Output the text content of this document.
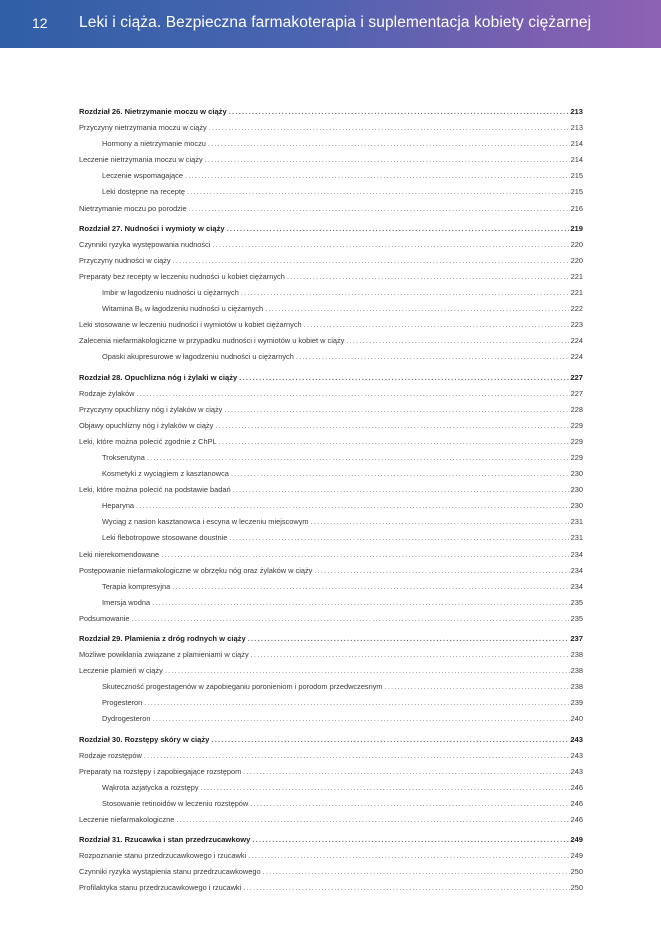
12 Leki i ciąża. Bezpieczna farmakoterapia i suplementacja kobiety ciężarnej
Rozdział 26. Nietrzymanie moczu w ciąży .....	213
Przyczyny nietrzymania moczu w ciąży .....	213
Hormony a nietrzymanie moczu .....	214
Leczenie nietrzymania moczu w ciąży .....	214
Leczenie wspomagające .....	215
Leki dostępne na receptę .....	215
Nietrzymanie moczu po porodzie .....	216
Rozdział 27. Nudności i wymioty w ciąży .....	219
Czynniki ryzyka występowania nudności .....	220
Przyczyny nudności w ciąży .....	220
Preparaty bez recepty w leczeniu nudności u kobiet ciężarnych .....	221
Imbir w łagodzeniu nudności u ciężarnych .....	221
Witamina B₆ w łagodzeniu nudności u ciężarnych .....	222
Leki stosowane w leczeniu nudności i wymiotów u kobiet ciężarnych .....	223
Zalecenia niefarmakologiczne w przypadku nudności i wymiotów u kobiet w ciąży .....	224
Opaski akupresurowe w łagodzeniu nudności u ciężarnych .....	224
Rozdział 28. Opuchlizna nóg i żylaki w ciąży .....	227
Rodzaje żylaków .....	227
Przyczyny opuchlizny nóg i żylaków w ciąży .....	228
Objawy opuchlizny nóg i żylaków w ciąży .....	229
Leki, które można polecić zgodnie z ChPL .....	229
Trokserutyna .....	229
Kosmetyki z wyciągiem z kasztanowca .....	230
Leki, które można polecić na podstawie badań .....	230
Heparyna .....	230
Wyciąg z nasion kasztanowca i escyna w leczeniu miejscowym .....	231
Leki flebotropowe stosowane doustnie .....	231
Leki nierekomendowane .....	234
Postępowanie niefarmakologiczne w obrzęku nóg oraz żylaków w ciąży .....	234
Terapia kompresyjna .....	234
Imersja wodna .....	235
Podsumowanie .....	235
Rozdział 29. Plamienia z dróg rodnych w ciąży .....	237
Możliwe powikłania związane z plamieniami w ciąży .....	238
Leczenie plamień w ciąży .....	238
Skuteczność progestagenów w zapobieganiu poronieniom i porodom przedwczesnym .....	238
Progesteron .....	239
Dydrogesteron .....	240
Rozdział 30. Rozstępy skóry w ciąży .....	243
Rodzaje rozstępów .....	243
Preparaty na rozstępy i zapobiegające rozstępom .....	243
Wąkrota azjatycka a rozstępy .....	246
Stosowanie retinoidów w leczeniu rozstępów .....	246
Leczenie niefarmakologiczne .....	246
Rozdział 31. Rzucawka i stan przedrzucawkowy .....	249
Rozpoznanie stanu przedrzucawkowego i rzucawki .....	249
Czynniki ryzyka wystąpienia stanu przedrzucawkowego .....	250
Profilaktyka stanu przedrzucawkowego i rzucawki .....	250
